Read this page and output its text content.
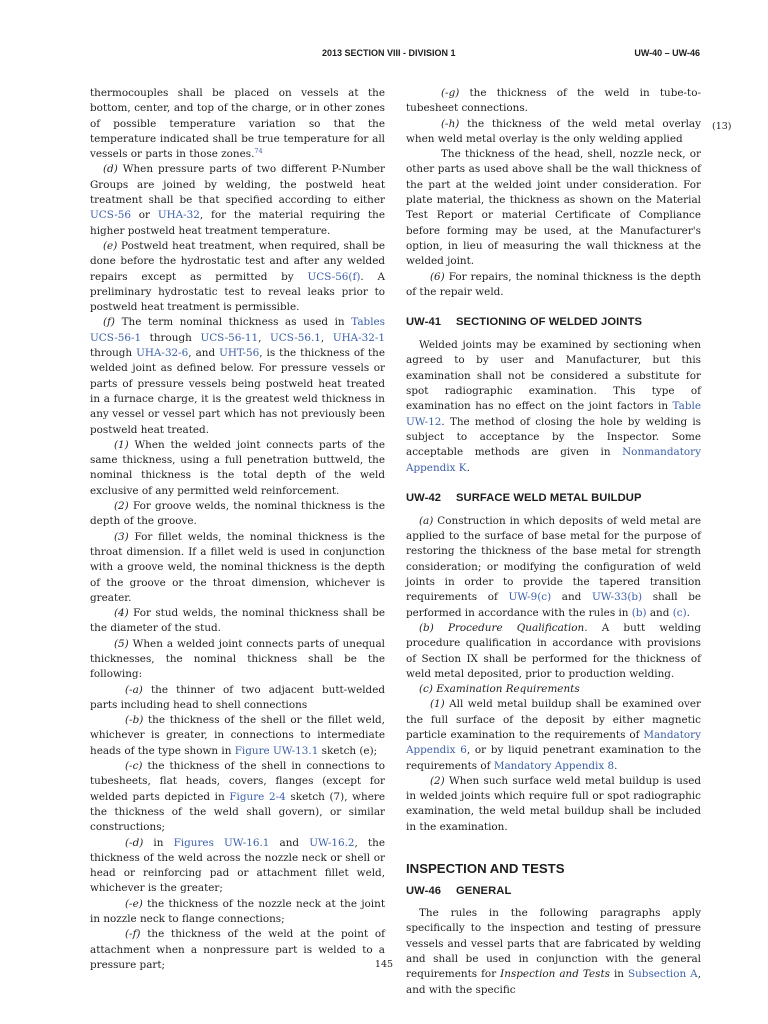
2013 SECTION VIII - DIVISION 1	UW-40 – UW-46
(13)

thermocouples shall be placed on vessels at the bottom, center, and top of the charge, or in other zones of possible temperature variation so that the temperature indicated shall be true temperature for all vessels or parts in those zones.$^{74}$

(d) When pressure parts of two different P-Number Groups are joined by welding, the postweld heat treatment shall be that specified according to either UCS-56 or UHA-32, for the material requiring the higher postweld heat treatment temperature.

(e) Postweld heat treatment, when required, shall be done before the hydrostatic test and after any welded repairs except as permitted by UCS-56(f). A preliminary hydrostatic test to reveal leaks prior to postweld heat treatment is permissible.

(f) The term nominal thickness as used in Tables UCS-56-1 through UCS-56-11, UCS-56.1, UHA-32-1 through UHA-32-6, and UHT-56, is the thickness of the welded joint as defined below. For pressure vessels or parts of pressure vessels being postweld heat treated in a furnace charge, it is the greatest weld thickness in any vessel or vessel part which has not previously been postweld heat treated.

(1) When the welded joint connects parts of the same thickness, using a full penetration buttweld, the nominal thickness is the total depth of the weld exclusive of any permitted weld reinforcement.

(2) For groove welds, the nominal thickness is the depth of the groove.

(3) For fillet welds, the nominal thickness is the throat dimension. If a fillet weld is used in conjunction with a groove weld, the nominal thickness is the depth of the groove or the throat dimension, whichever is greater.

(4) For stud welds, the nominal thickness shall be the diameter of the stud.

(5) When a welded joint connects parts of unequal thicknesses, the nominal thickness shall be the following:

(-a) the thinner of two adjacent butt-welded parts including head to shell connections

(-b) the thickness of the shell or the fillet weld, whichever is greater, in connections to intermediate heads of the type shown in Figure UW-13.1 sketch (e);

(-c) the thickness of the shell in connections to tubesheets, flat heads, covers, flanges (except for welded parts depicted in Figure 2-4 sketch (7), where the thickness of the weld shall govern), or similar constructions;

(-d) in Figures UW-16.1 and UW-16.2, the thickness of the weld across the nozzle neck or shell or head or reinforcing pad or attachment fillet weld, whichever is the greater;

(-e) the thickness of the nozzle neck at the joint in nozzle neck to flange connections;

(-f) the thickness of the weld at the point of attachment when a nonpressure part is welded to a pressure part;

(-g) the thickness of the weld in tube-to-tubesheet connections.

(-h) the thickness of the weld metal overlay when weld metal overlay is the only welding applied

The thickness of the head, shell, nozzle neck, or other parts as used above shall be the wall thickness of the part at the welded joint under consideration. For plate material, the thickness as shown on the Material Test Report or material Certificate of Compliance before forming may be used, at the Manufacturer's option, in lieu of measuring the wall thickness at the welded joint.

(6) For repairs, the nominal thickness is the depth of the repair weld.

UW-41 SECTIONING OF WELDED JOINTS

Welded joints may be examined by sectioning when agreed to by user and Manufacturer, but this examination shall not be considered a substitute for spot radiographic examination. This type of examination has no effect on the joint factors in Table UW-12. The method of closing the hole by welding is subject to acceptance by the Inspector. Some acceptable methods are given in Nonmandatory Appendix K.

UW-42 SURFACE WELD METAL BUILDUP

(a) Construction in which deposits of weld metal are applied to the surface of base metal for the purpose of restoring the thickness of the base metal for strength consideration; or modifying the configuration of weld joints in order to provide the tapered transition requirements of UW-9(c) and UW-33(b) shall be performed in accordance with the rules in (b) and (c).

(b) Procedure Qualification. A butt welding procedure qualification in accordance with provisions of Section IX shall be performed for the thickness of weld metal deposited, prior to production welding.

(c) Examination Requirements

(1) All weld metal buildup shall be examined over the full surface of the deposit by either magnetic particle examination to the requirements of Mandatory Appendix 6, or by liquid penetrant examination to the requirements of Mandatory Appendix 8.

(2) When such surface weld metal buildup is used in welded joints which require full or spot radiographic examination, the weld metal buildup shall be included in the examination.

INSPECTION AND TESTS
UW-46 GENERAL

The rules in the following paragraphs apply specifically to the inspection and testing of pressure vessels and vessel parts that are fabricated by welding and shall be used in conjunction with the general requirements for Inspection and Tests in Subsection A, and with the specific

145
